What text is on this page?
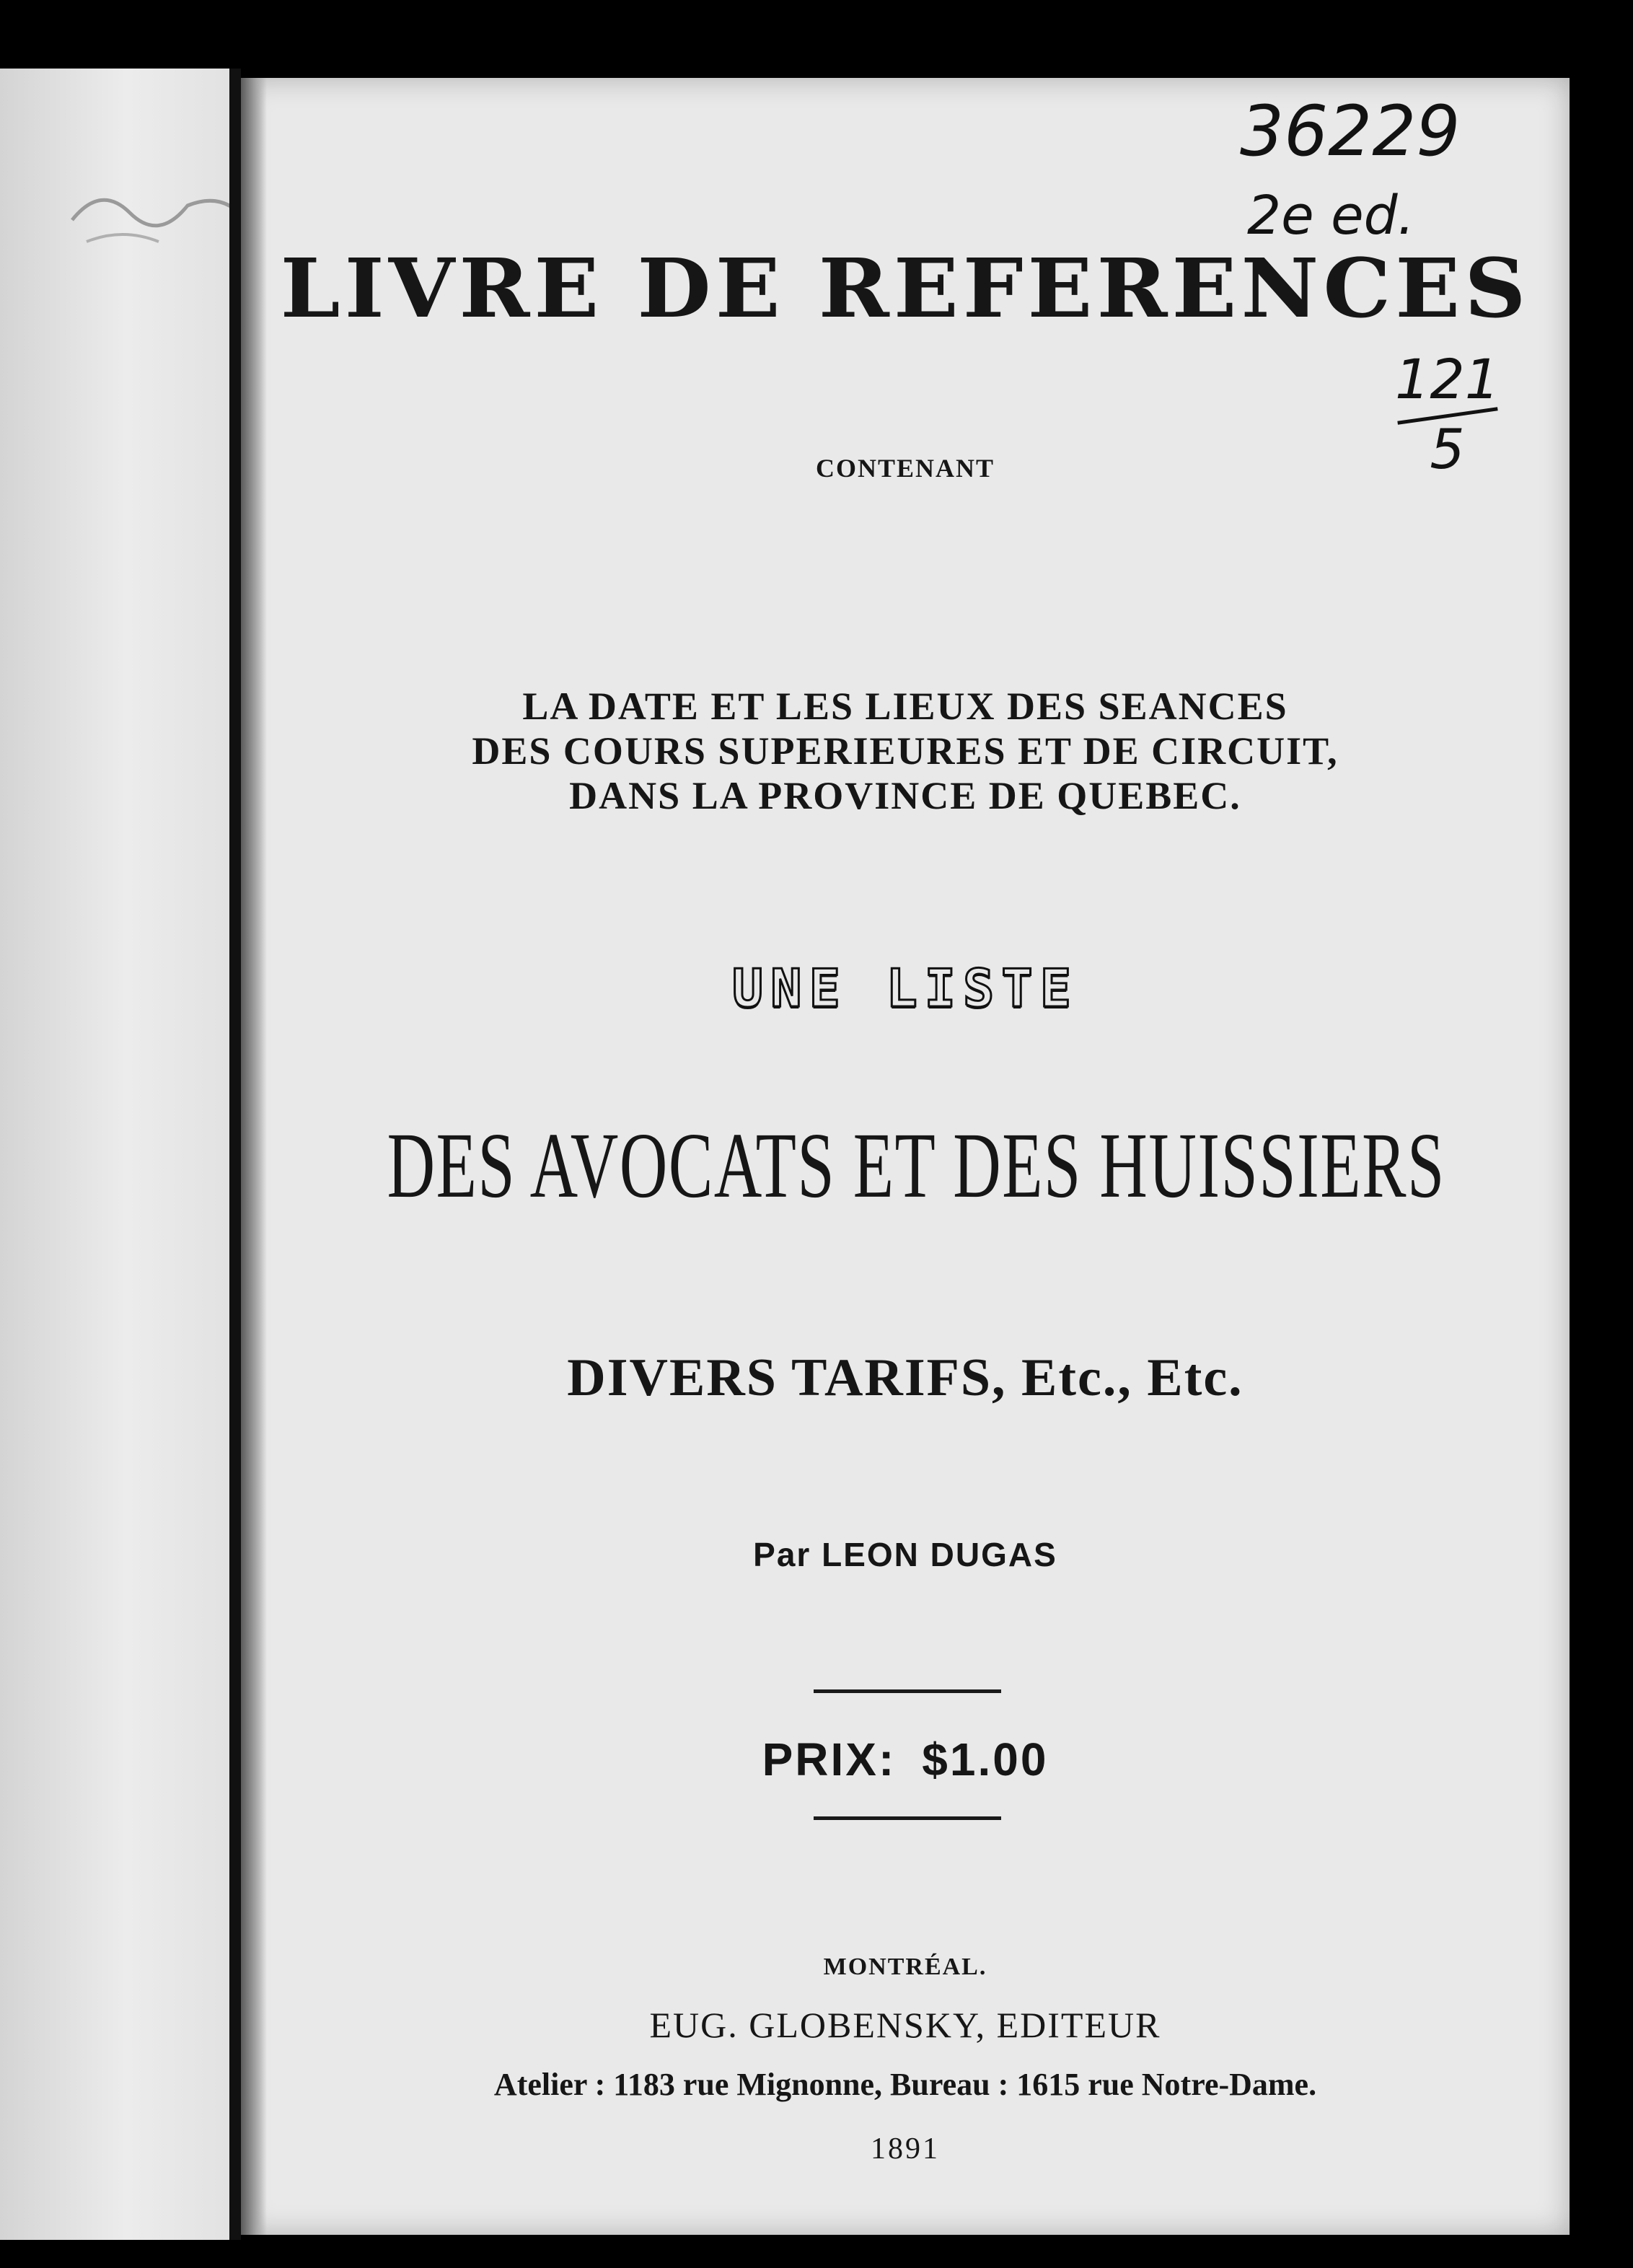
36229
2e ed.
121
5
LIVRE DE REFERENCES
CONTENANT
LA DATE ET LES LIEUX DES SEANCES
DES COURS SUPERIEURES ET DE CIRCUIT,
DANS LA PROVINCE DE QUEBEC.
UNE LISTE
DES AVOCATS ET DES HUISSIERS
DIVERS TARIFS, Etc., Etc.
Par LEON DUGAS
PRIX: $1.00
MONTRÉAL.
EUG. GLOBENSKY, EDITEUR
Atelier : 1183 rue Mignonne, Bureau : 1615 rue Notre-Dame.
1891
